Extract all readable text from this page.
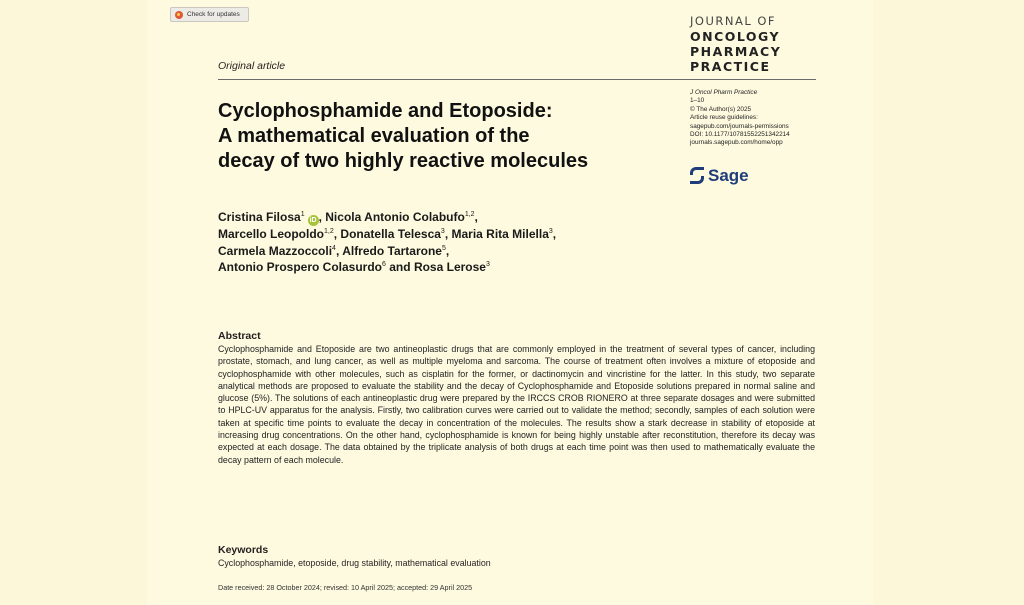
Check for updates	JOURNAL OF
ONCOLOGY
PHARMACY
PRACTICE
Original article
Cyclophosphamide and Etoposide:
A mathematical evaluation of the
decay of two highly reactive molecules
J Oncol Pharm Practice
1–10
© The Author(s) 2025
Article reuse guidelines:
sagepub.com/journals-permissions
DOI: 10.1177/10781552251342214
journals.sagepub.com/home/opp
Sage
Cristina Filosa$^1$iD , Nicola Antonio Colabufo$^{1,2}$,
Marcello Leopoldo$^{1,2}$, Donatella Telesca$^3$, Maria Rita Milella$^3$,
Carmela Mazzoccoli$^4$, Alfredo Tartarone$^5$,
Antonio Prospero Colasurdo$^6$ and Rosa Lerose$^3$
Abstract
Cyclophosphamide and Etoposide are two antineoplastic drugs that are commonly employed in the treatment of several types of cancer, including prostate, stomach, and lung cancer, as well as multiple myeloma and sarcoma. The course of treatment often involves a mixture of etoposide and cyclophosphamide with other molecules, such as cisplatin for the former, or dactinomycin and vincristine for the latter. In this study, two separate analytical methods are proposed to evaluate the stability and the decay of Cyclophosphamide and Etoposide solutions prepared in normal saline and glucose (5%). The solutions of each antineoplastic drug were prepared by the IRCCS CROB RIONERO at three separate dosages and were submitted to HPLC-UV apparatus for the analysis. Firstly, two calibration curves were carried out to validate the method; secondly, samples of each solution were taken at specific time points to evaluate the decay in concentration of the molecules. The results show a stark decrease in stability of etoposide at increasing drug concentrations. On the other hand, cyclophosphamide is known for being highly unstable after reconstitution, therefore its decay was expected at each dosage. The data obtained by the triplicate analysis of both drugs at each time point was then used to mathematically evaluate the decay pattern of each molecule.
Keywords
Cyclophosphamide, etoposide, drug stability, mathematical evaluation
Date received: 28 October 2024; revised: 10 April 2025; accepted: 29 April 2025
